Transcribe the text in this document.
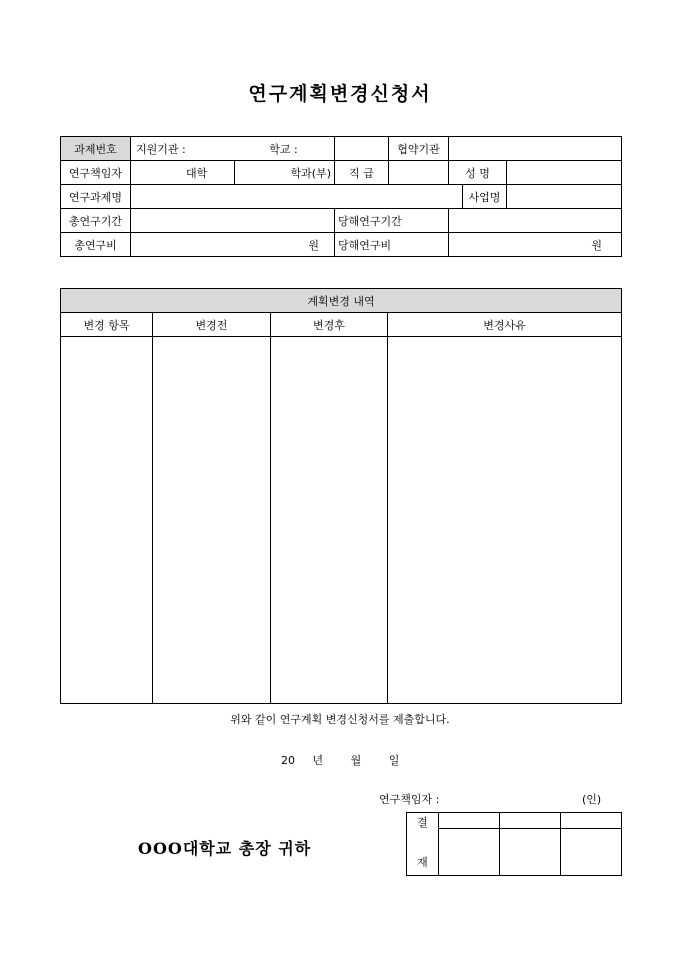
연구계획변경신청서
과제번호	지원기관 : 학교 :			협약기관			
연구책임자	대학	학과(부)	직 급		성 명		
연구과제명						사업명	
총연구기간			당해연구기간				
총연구비	원		당해연구비		원		
계획변경 내역			
변경 항목	변경전	변경후	변경사유

위와 같이 연구계획 변경신청서를 제출합니다.
20 년	월	일
연구책임자 :	(인)
OOO대학교 총장 귀하
결
재			
